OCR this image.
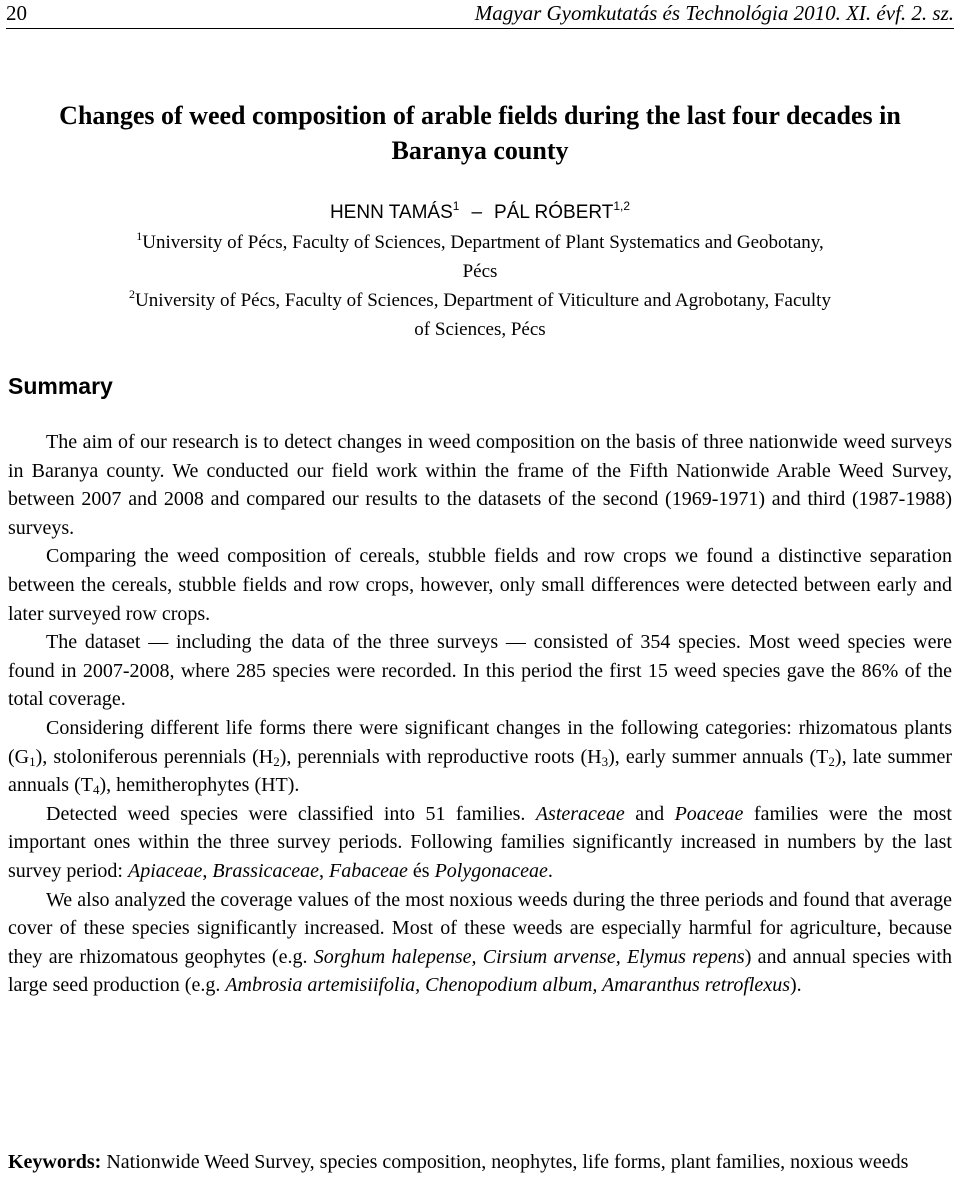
20	Magyar Gyomkutatás és Technológia 2010. XI. évf. 2. sz.
Changes of weed composition of arable fields during the last four decades in
Baranya county
HENN TAMÁS$^1$ – PÁL RÓBERT$^{1,2}$
$^1$University of Pécs, Faculty of Sciences, Department of Plant Systematics and Geobotany,
Pécs
$^2$University of Pécs, Faculty of Sciences, Department of Viticulture and Agrobotany, Faculty
of Sciences, Pécs
Summary

The aim of our research is to detect changes in weed composition on the basis of three nationwide weed surveys in Baranya county. We conducted our field work within the frame of the Fifth Nationwide Arable Weed Survey, between 2007 and 2008 and compared our results to the datasets of the second (1969-1971) and third (1987-1988) surveys.

Comparing the weed composition of cereals, stubble fields and row crops we found a distinctive separation between the cereals, stubble fields and row crops, however, only small differences were detected between early and later surveyed row crops.

The dataset — including the data of the three surveys — consisted of 354 species. Most weed species were found in 2007-2008, where 285 species were recorded. In this period the first 15 weed species gave the 86% of the total coverage.

Considering different life forms there were significant changes in the following categories: rhizomatous plants $(G_1)$, stoloniferous perennials $(H_2)$, perennials with reproductive roots $(H_3)$, early summer annuals $(T_2)$, late summer annuals $(T_4)$, hemitherophytes (HT).

Detected weed species were classified into 51 families. Asteraceae and Poaceae families were the most important ones within the three survey periods. Following families significantly increased in numbers by the last survey period: Apiaceae, Brassicaceae, Fabaceae és Polygonaceae.

We also analyzed the coverage values of the most noxious weeds during the three periods and found that average cover of these species significantly increased. Most of these weeds are especially harmful for agriculture, because they are rhizomatous geophytes (e.g. Sorghum halepense, Cirsium arvense, Elymus repens) and annual species with large seed production (e.g. Ambrosia artemisiifolia, Chenopodium album, Amaranthus retroflexus).

Keywords: Nationwide Weed Survey, species composition, neophytes, life forms, plant families, noxious weeds
